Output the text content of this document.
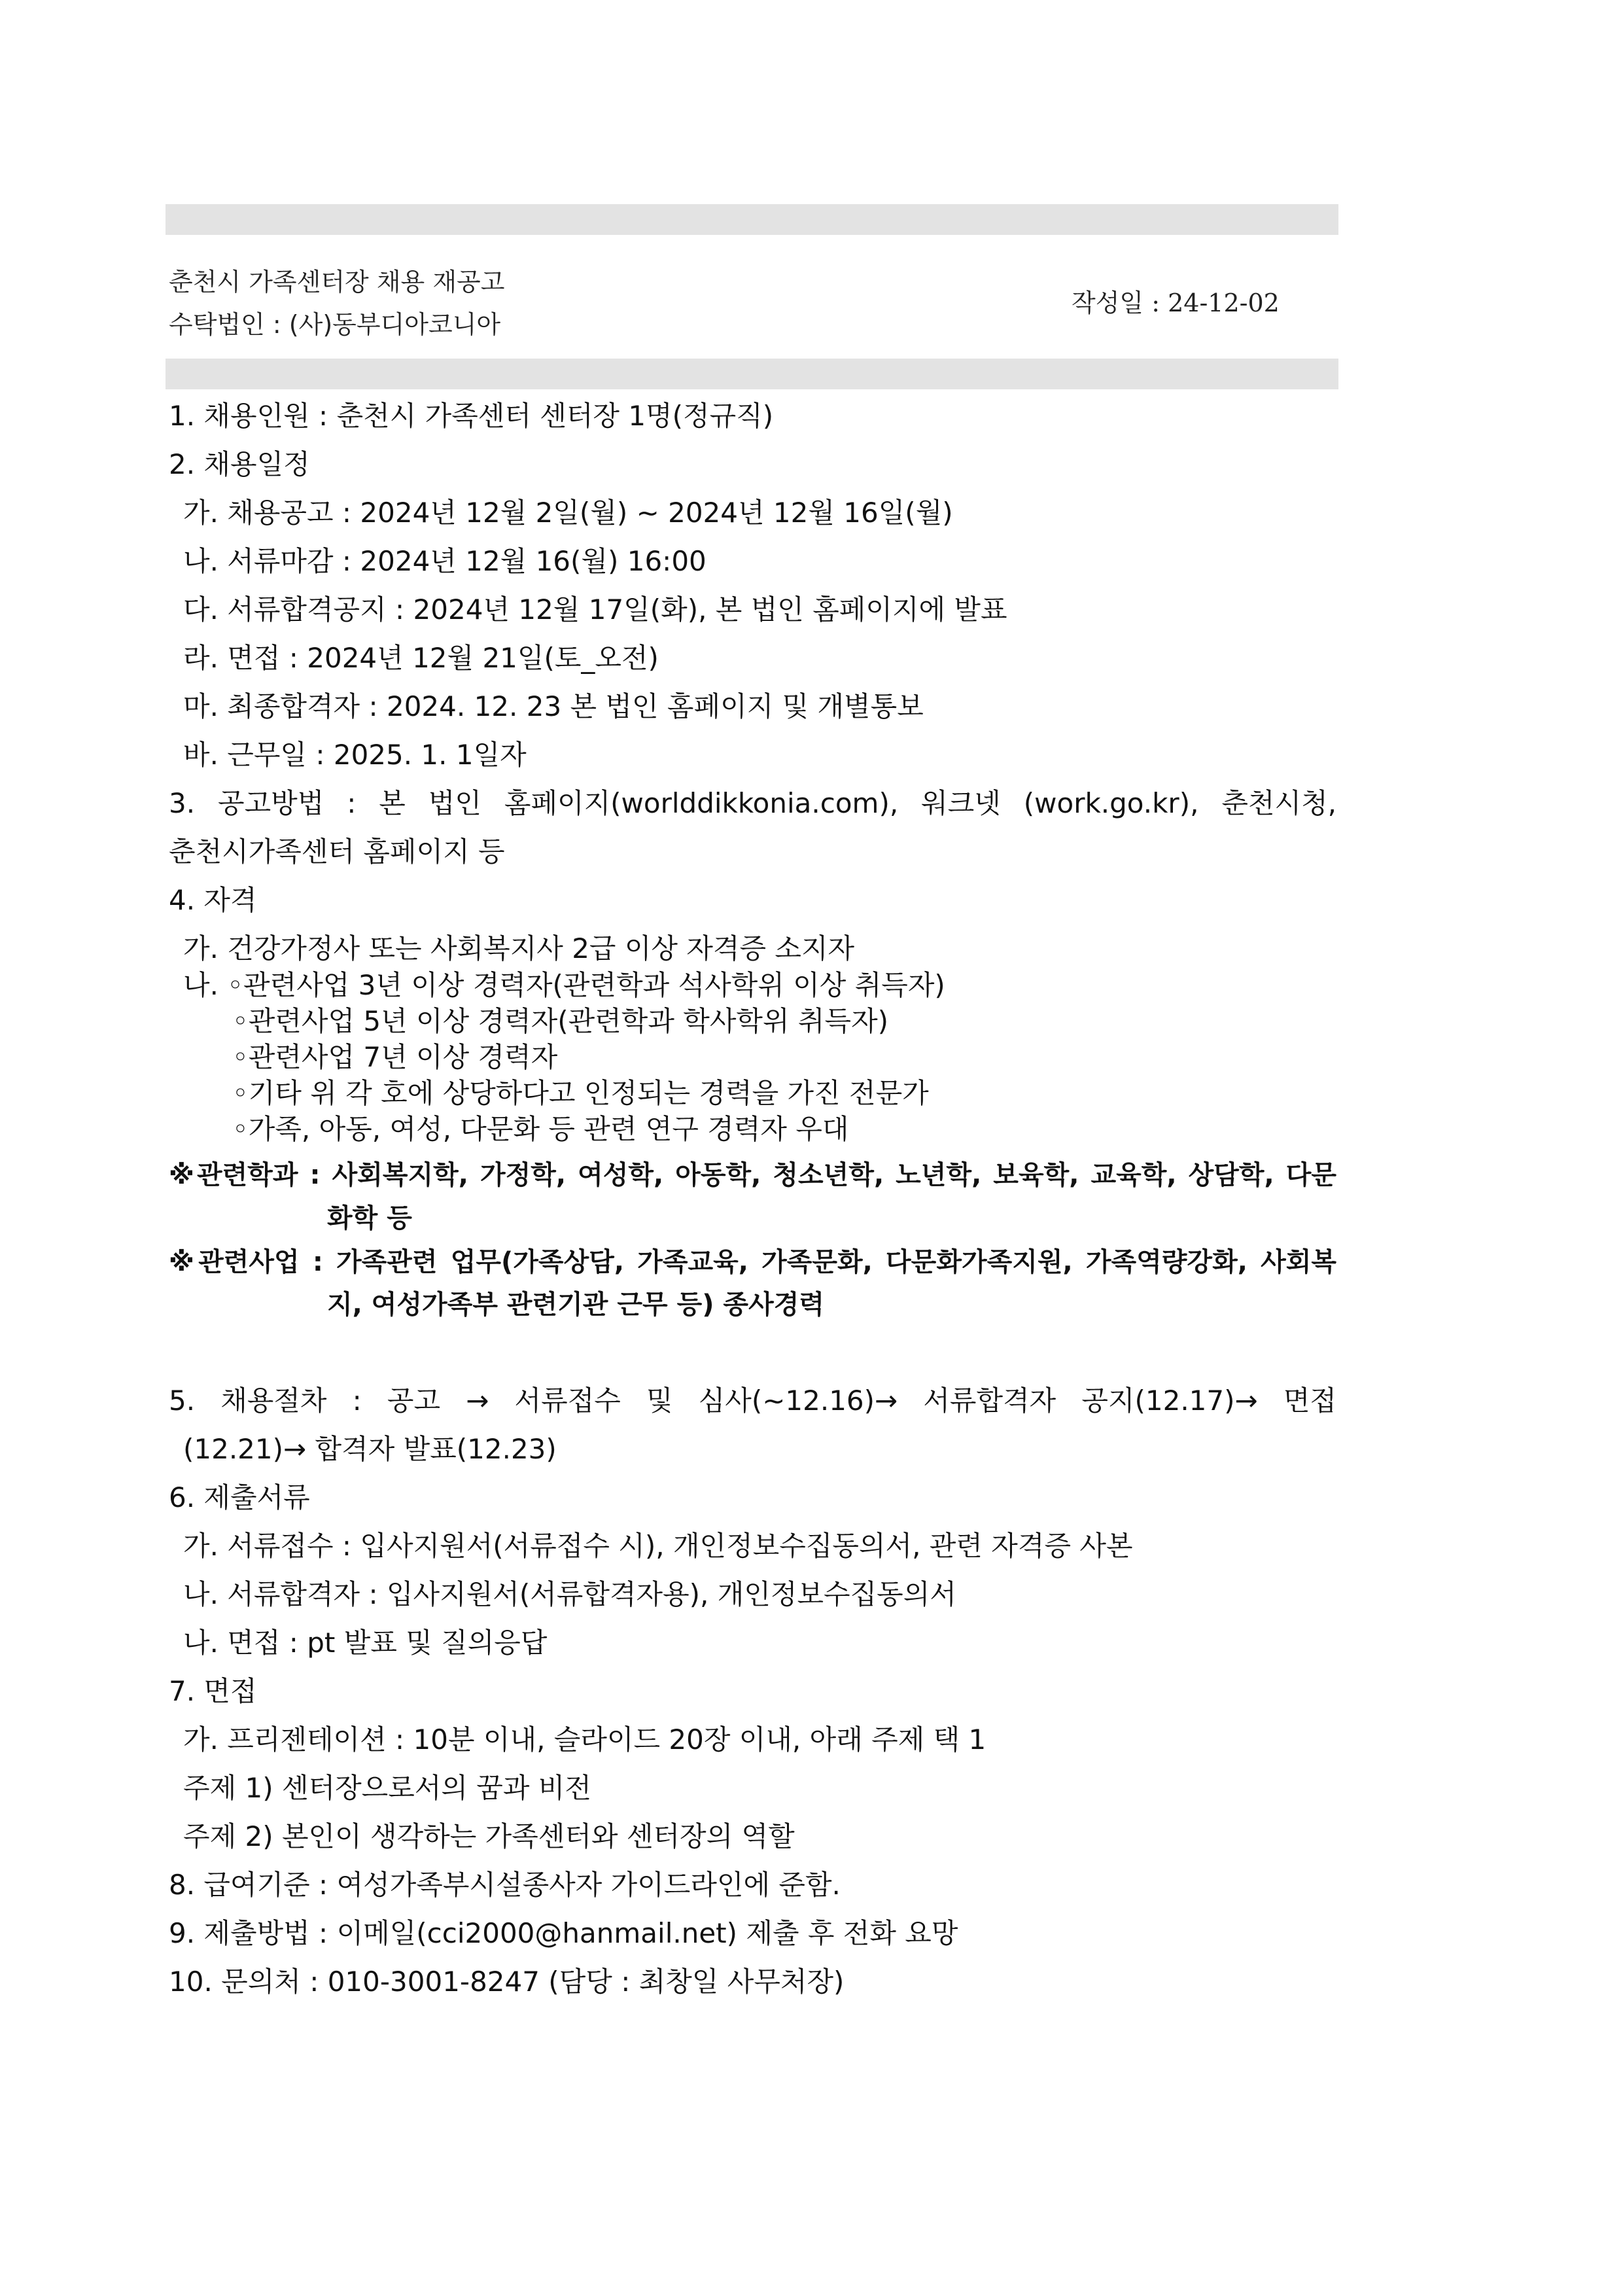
춘천시 가족센터장 채용 재공고
수탁법인 : (사)동부디아코니아
작성일 : 24-12-02
1. 채용인원 : 춘천시 가족센터 센터장 1명(정규직)
2. 채용일정
가. 채용공고 : 2024년 12월 2일(월) ~ 2024년 12월 16일(월)
나. 서류마감 : 2024년 12월 16(월) 16:00
다. 서류합격공지 : 2024년 12월 17일(화), 본 법인 홈페이지에 발표
라. 면접 : 2024년 12월 21일(토_오전)
마. 최종합격자 : 2024. 12. 23 본 법인 홈페이지 및 개별통보
바. 근무일 : 2025. 1. 1일자
3. 공고방법 : 본 법인 홈페이지(worlddikkonia.com), 워크넷 (work.go.kr), 춘천시청,
춘천시가족센터 홈페이지 등
4. 자격
가. 건강가정사 또는 사회복지사 2급 이상 자격증 소지자
나. ◦관련사업 3년 이상 경력자(관련학과 석사학위 이상 취득자)
◦관련사업 5년 이상 경력자(관련학과 학사학위 취득자)
◦관련사업 7년 이상 경력자
◦기타 위 각 호에 상당하다고 인정되는 경력을 가진 전문가
◦가족, 아동, 여성, 다문화 등 관련 연구 경력자 우대
※관련학과 : 사회복지학, 가정학, 여성학, 아동학, 청소년학, 노년학, 보육학, 교육학, 상담학, 다문
화학 등
※관련사업 : 가족관련 업무(가족상담, 가족교육, 가족문화, 다문화가족지원, 가족역량강화, 사회복
지, 여성가족부 관련기관 근무 등) 종사경력
5. 채용절차 : 공고 → 서류접수 및 심사(~12.16)→ 서류합격자 공지(12.17)→ 면접
(12.21)→ 합격자 발표(12.23)
6. 제출서류
가. 서류접수 : 입사지원서(서류접수 시), 개인정보수집동의서, 관련 자격증 사본
나. 서류합격자 : 입사지원서(서류합격자용), 개인정보수집동의서
나. 면접 : pt 발표 및 질의응답
7. 면접
가. 프리젠테이션 : 10분 이내, 슬라이드 20장 이내, 아래 주제 택 1
주제 1) 센터장으로서의 꿈과 비전
주제 2) 본인이 생각하는 가족센터와 센터장의 역할
8. 급여기준 : 여성가족부시설종사자 가이드라인에 준함.
9. 제출방법 : 이메일(cci2000@hanmail.net) 제출 후 전화 요망
10. 문의처 : 010-3001-8247 (담당 : 최창일 사무처장)
